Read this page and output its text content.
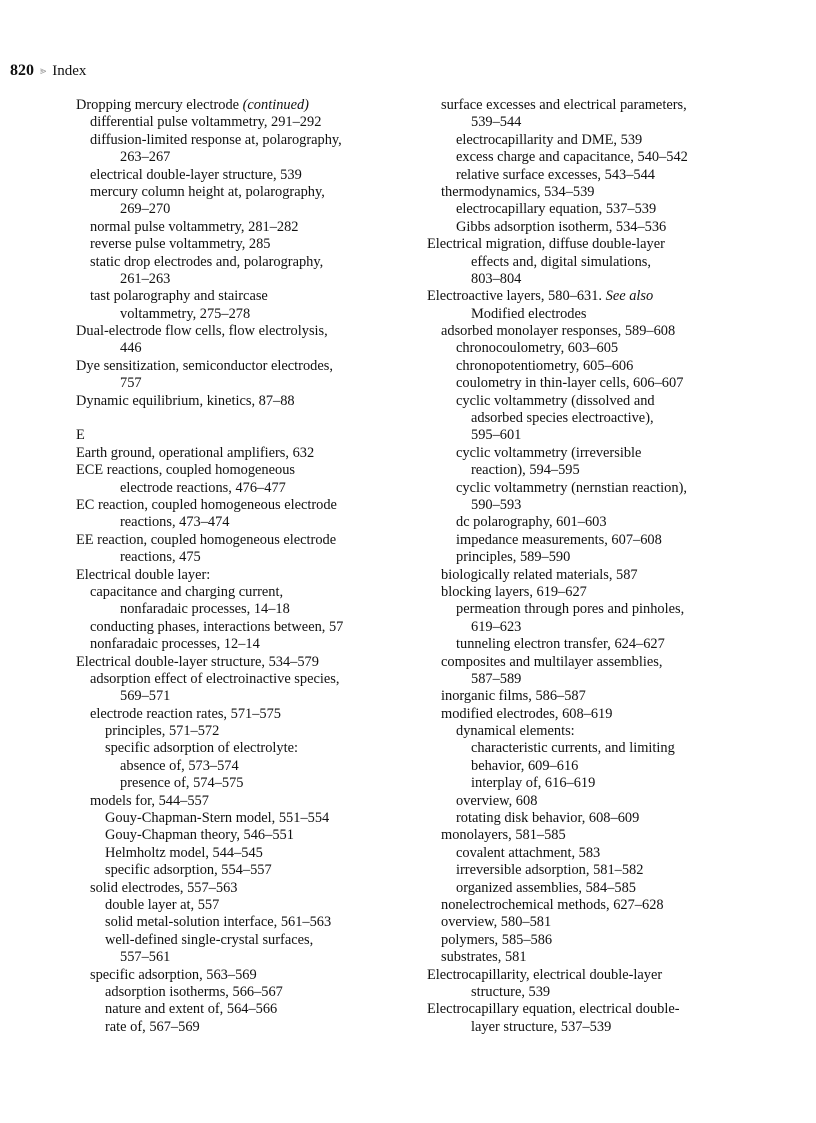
820 ⪢ Index
Dropping mercury electrode (continued)
differential pulse voltammetry, 291–292
diffusion-limited response at, polarography,
263–267
electrical double-layer structure, 539
mercury column height at, polarography,
269–270
normal pulse voltammetry, 281–282
reverse pulse voltammetry, 285
static drop electrodes and, polarography,
261–263
tast polarography and staircase
voltammetry, 275–278
Dual-electrode flow cells, flow electrolysis,
446
Dye sensitization, semiconductor electrodes,
757
Dynamic equilibrium, kinetics, 87–88
E
Earth ground, operational amplifiers, 632
ECE reactions, coupled homogeneous
electrode reactions, 476–477
EC reaction, coupled homogeneous electrode
reactions, 473–474
EE reaction, coupled homogeneous electrode
reactions, 475
Electrical double layer:
capacitance and charging current,
nonfaradaic processes, 14–18
conducting phases, interactions between, 57
nonfaradaic processes, 12–14
Electrical double-layer structure, 534–579
adsorption effect of electroinactive species,
569–571
electrode reaction rates, 571–575
principles, 571–572
specific adsorption of electrolyte:
absence of, 573–574
presence of, 574–575
models for, 544–557
Gouy-Chapman-Stern model, 551–554
Gouy-Chapman theory, 546–551
Helmholtz model, 544–545
specific adsorption, 554–557
solid electrodes, 557–563
double layer at, 557
solid metal-solution interface, 561–563
well-defined single-crystal surfaces,
557–561
specific adsorption, 563–569
adsorption isotherms, 566–567
nature and extent of, 564–566
rate of, 567–569
surface excesses and electrical parameters,
539–544
electrocapillarity and DME, 539
excess charge and capacitance, 540–542
relative surface excesses, 543–544
thermodynamics, 534–539
electrocapillary equation, 537–539
Gibbs adsorption isotherm, 534–536
Electrical migration, diffuse double-layer
effects and, digital simulations,
803–804
Electroactive layers, 580–631. See also
Modified electrodes
adsorbed monolayer responses, 589–608
chronocoulometry, 603–605
chronopotentiometry, 605–606
coulometry in thin-layer cells, 606–607
cyclic voltammetry (dissolved and
adsorbed species electroactive),
595–601
cyclic voltammetry (irreversible
reaction), 594–595
cyclic voltammetry (nernstian reaction),
590–593
dc polarography, 601–603
impedance measurements, 607–608
principles, 589–590
biologically related materials, 587
blocking layers, 619–627
permeation through pores and pinholes,
619–623
tunneling electron transfer, 624–627
composites and multilayer assemblies,
587–589
inorganic films, 586–587
modified electrodes, 608–619
dynamical elements:
characteristic currents, and limiting
behavior, 609–616
interplay of, 616–619
overview, 608
rotating disk behavior, 608–609
monolayers, 581–585
covalent attachment, 583
irreversible adsorption, 581–582
organized assemblies, 584–585
nonelectrochemical methods, 627–628
overview, 580–581
polymers, 585–586
substrates, 581
Electrocapillarity, electrical double-layer
structure, 539
Electrocapillary equation, electrical double-
layer structure, 537–539
